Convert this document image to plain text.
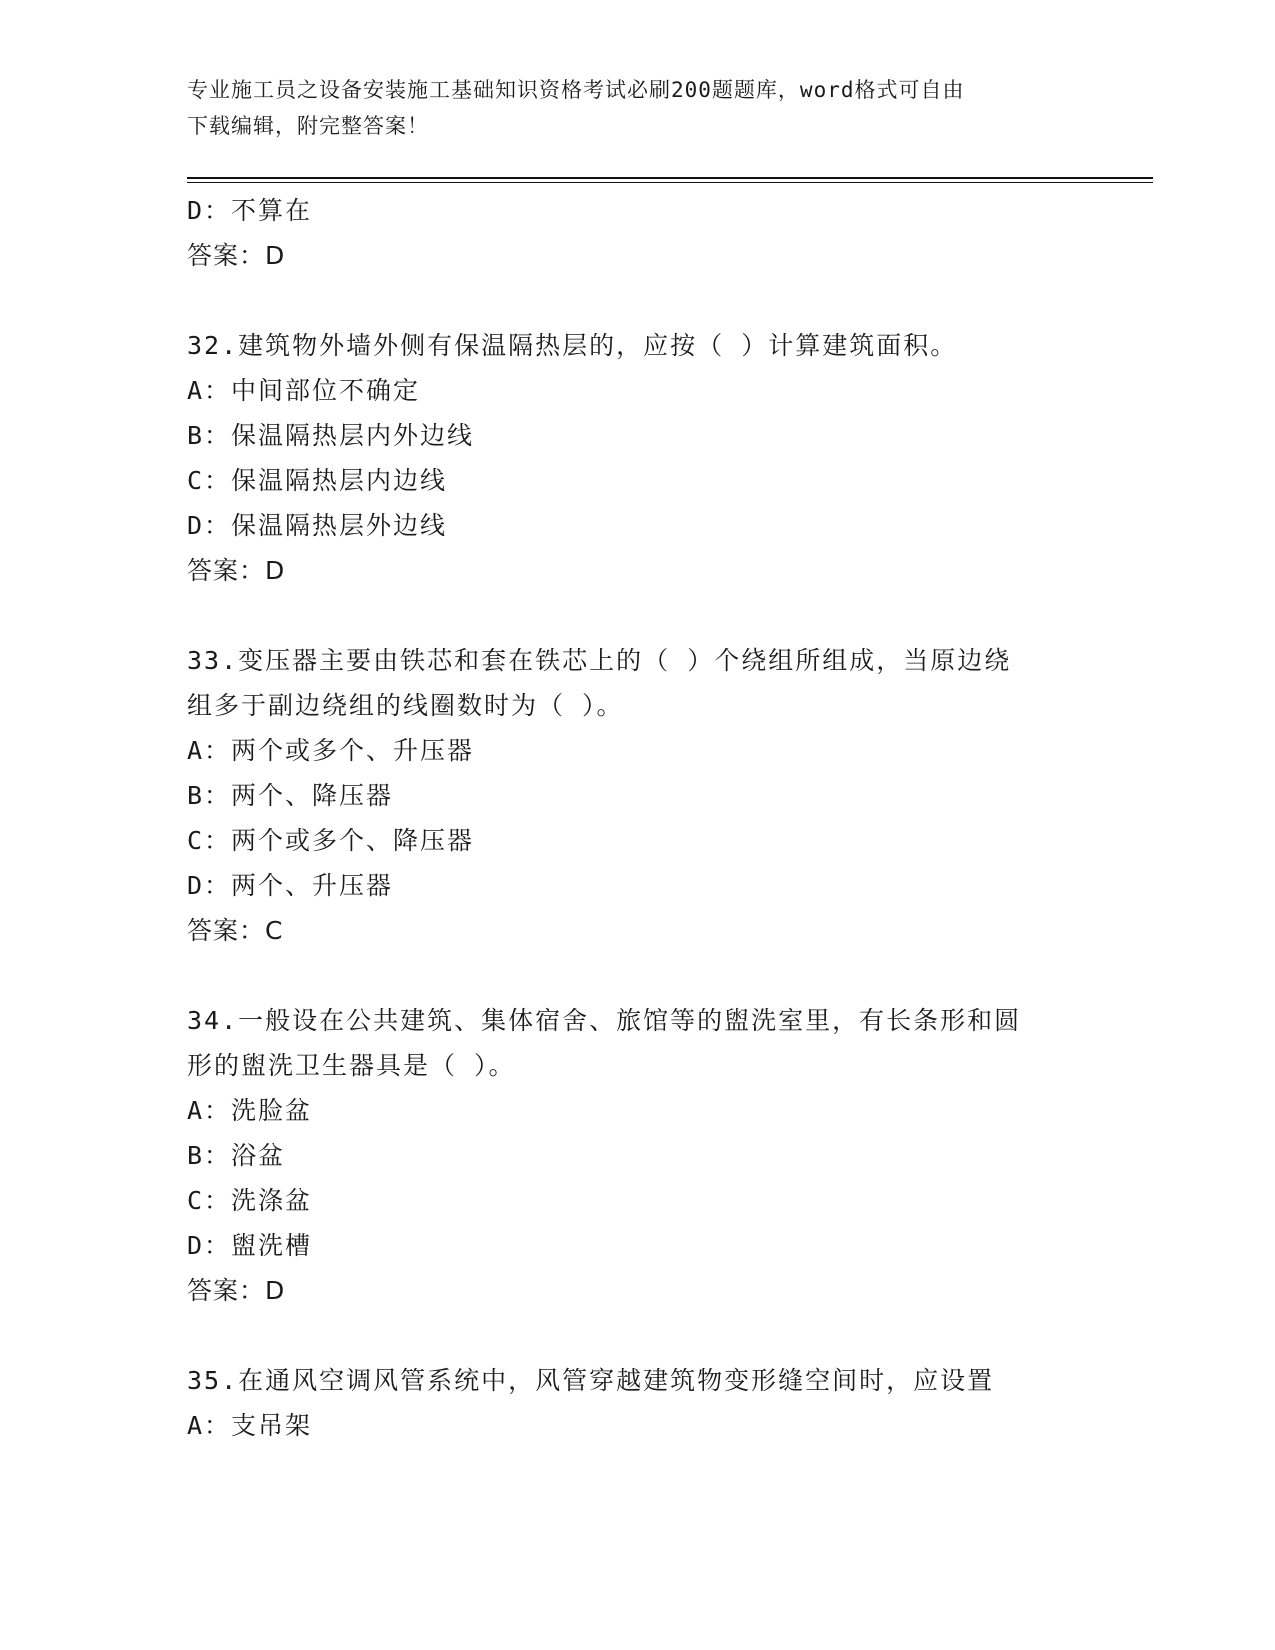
专业施工员之设备安装施工基础知识资格考试必刷200题题库，word格式可自由
下载编辑，附完整答案！
D：不算在
答案：D
32.建筑物外墙外侧有保温隔热层的，应按（ ）计算建筑面积。
A：中间部位不确定
B：保温隔热层内外边线
C：保温隔热层内边线
D：保温隔热层外边线
答案：D
33.变压器主要由铁芯和套在铁芯上的（ ）个绕组所组成，当原边绕
组多于副边绕组的线圈数时为（ ）。
A：两个或多个、升压器
B：两个、降压器
C：两个或多个、降压器
D：两个、升压器
答案：C
34.一般设在公共建筑、集体宿舍、旅馆等的盥洗室里，有长条形和圆
形的盥洗卫生器具是（ ）。
A：洗脸盆
B：浴盆
C：洗涤盆
D：盥洗槽
答案：D
35.在通风空调风管系统中，风管穿越建筑物变形缝空间时，应设置
A：支吊架
